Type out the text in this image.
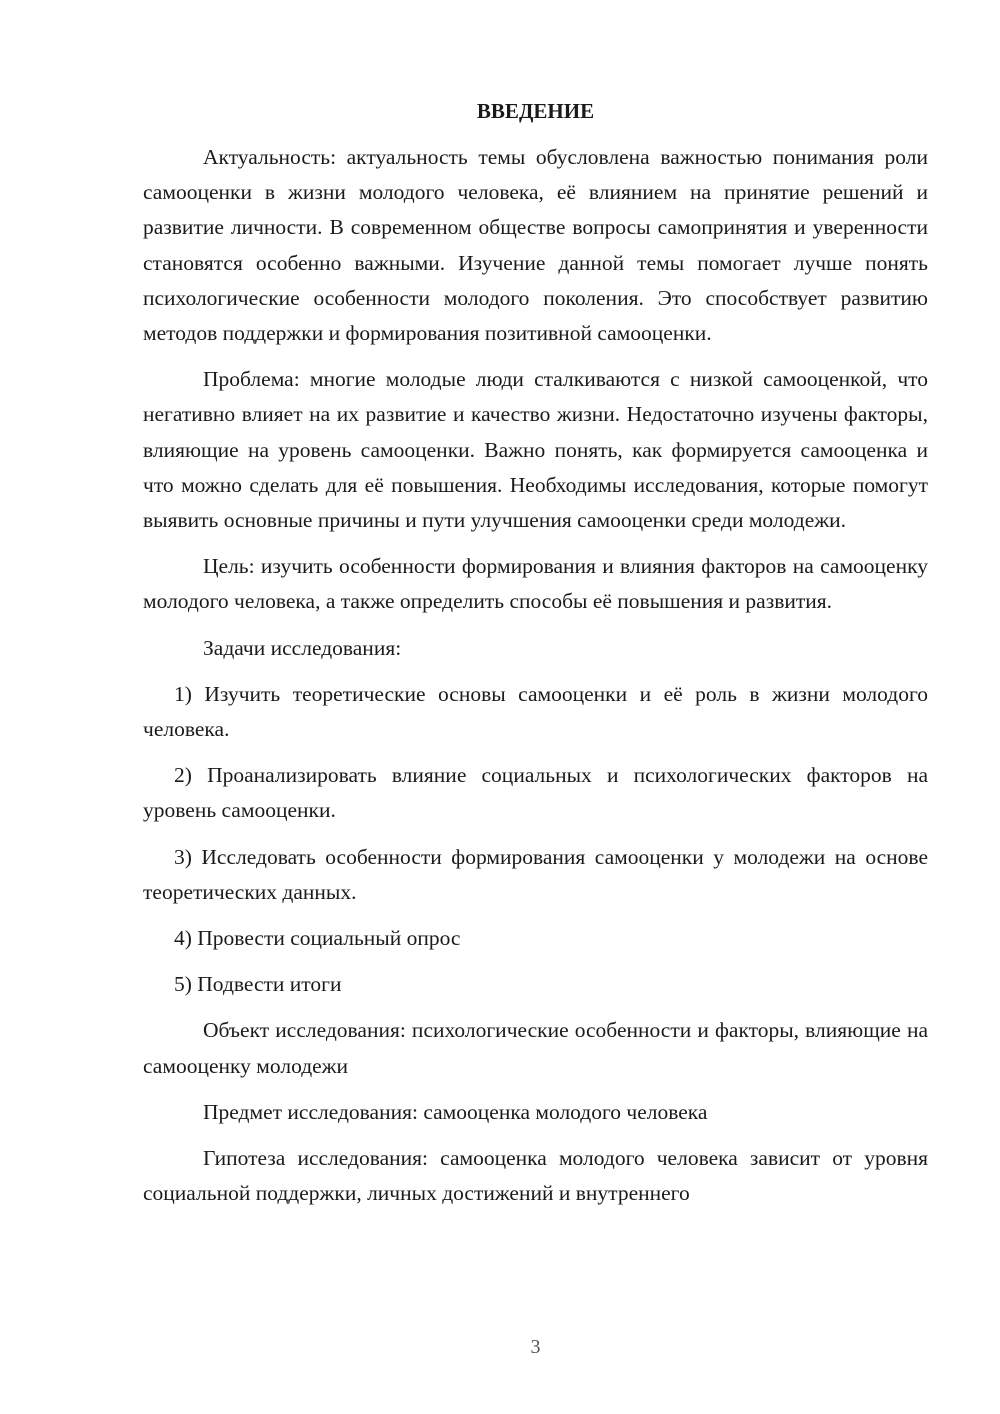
ВВЕДЕНИЕ

Актуальность: актуальность темы обусловлена важностью понимания роли самооценки в жизни молодого человека, её влиянием на принятие решений и развитие личности. В современном обществе вопросы самопринятия и уверенности становятся особенно важными. Изучение данной темы помогает лучше понять психологические особенности молодого поколения. Это способствует развитию методов поддержки и формирования позитивной самооценки.

Проблема: многие молодые люди сталкиваются с низкой самооценкой, что негативно влияет на их развитие и качество жизни. Недостаточно изучены факторы, влияющие на уровень самооценки. Важно понять, как формируется самооценка и что можно сделать для её повышения. Необходимы исследования, которые помогут выявить основные причины и пути улучшения самооценки среди молодежи.

Цель: изучить особенности формирования и влияния факторов на самооценку молодого человека, а также определить способы её повышения и развития.

Задачи исследования:

1) Изучить теоретические основы самооценки и её роль в жизни молодого человека.

2) Проанализировать влияние социальных и психологических факторов на уровень самооценки.

3) Исследовать особенности формирования самооценки у молодежи на основе теоретических данных.

4) Провести социальный опрос

5) Подвести итоги

Объект исследования: психологические особенности и факторы, влияющие на самооценку молодежи

Предмет исследования: самооценка молодого человека

Гипотеза исследования: самооценка молодого человека зависит от уровня социальной поддержки, личных достижений и внутреннего

3
